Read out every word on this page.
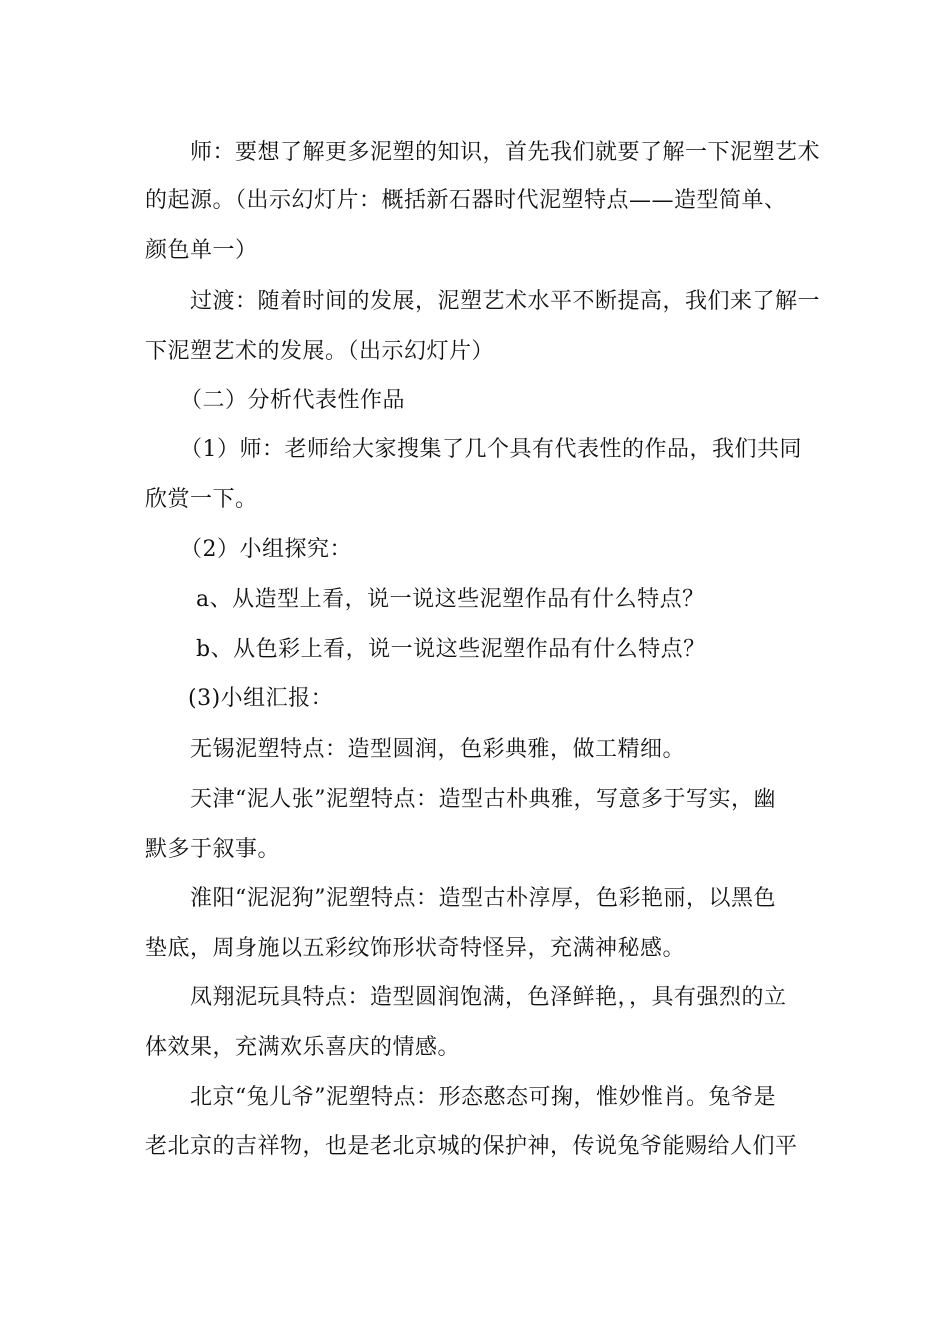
师：要想了解更多泥塑的知识，首先我们就要了解一下泥塑艺术
的起源。（出示幻灯片：概括新石器时代泥塑特点——造型简单、
颜色单一）
过渡：随着时间的发展，泥塑艺术水平不断提高，我们来了解一
下泥塑艺术的发展。（出示幻灯片）
（二）分析代表性作品
（1）师：老师给大家搜集了几个具有代表性的作品，我们共同
欣赏一下。
（2）小组探究：
a、从造型上看，说一说这些泥塑作品有什么特点？
b、从色彩上看，说一说这些泥塑作品有什么特点？
(3)小组汇报：
无锡泥塑特点：造型圆润，色彩典雅，做工精细。
天津“泥人张”泥塑特点：造型古朴典雅，写意多于写实，幽
默多于叙事。
淮阳“泥泥狗”泥塑特点：造型古朴淳厚，色彩艳丽，以黑色
垫底，周身施以五彩纹饰形状奇特怪异，充满神秘感。
凤翔泥玩具特点：造型圆润饱满，色泽鲜艳，，具有强烈的立
体效果，充满欢乐喜庆的情感。
北京“兔儿爷”泥塑特点：形态憨态可掬，惟妙惟肖。兔爷是
老北京的吉祥物，也是老北京城的保护神，传说兔爷能赐给人们平
